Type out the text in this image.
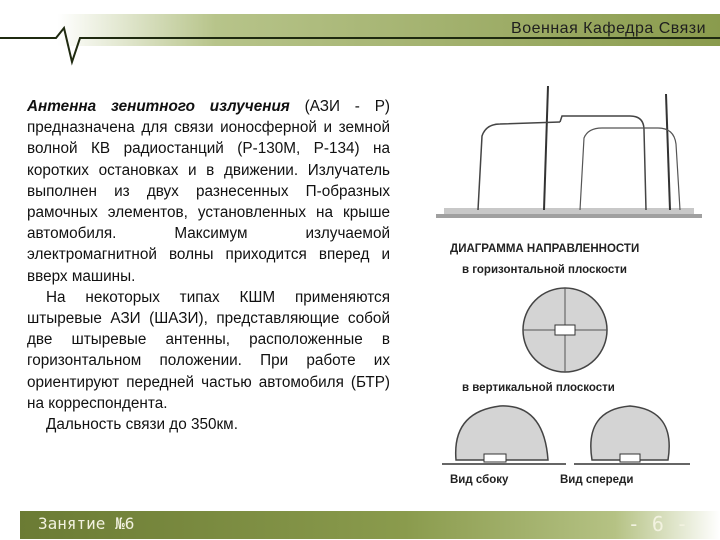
Военная Кафедра Связи

Антенна зенитного излучения (АЗИ - Р) предназначена для связи ионосферной и земной волной КВ радиостанций (Р-130М, Р-134) на коротких остановках и в движении. Излучатель выполнен из двух разнесенных П-образных рамочных элементов, установленных на крыше автомобиля. Максимум излучаемой электромагнитной волны приходится вперед и вверх машины.

На некоторых типах КШМ применяются штыревые АЗИ (ШАЗИ), представляющие собой две штыревые антенны, расположенные в горизонтальном положении. При работе их ориентируют передней частью автомобиля (БТР) на корреспондента.

Дальность связи до 350км.

ДИАГРАММА НАПРАВЛЕННОСТИ
в горизонтальной плоскости
в вертикальной плоскости
Вид сбоку	Вид спереди
Занятие №6	- 6 -
